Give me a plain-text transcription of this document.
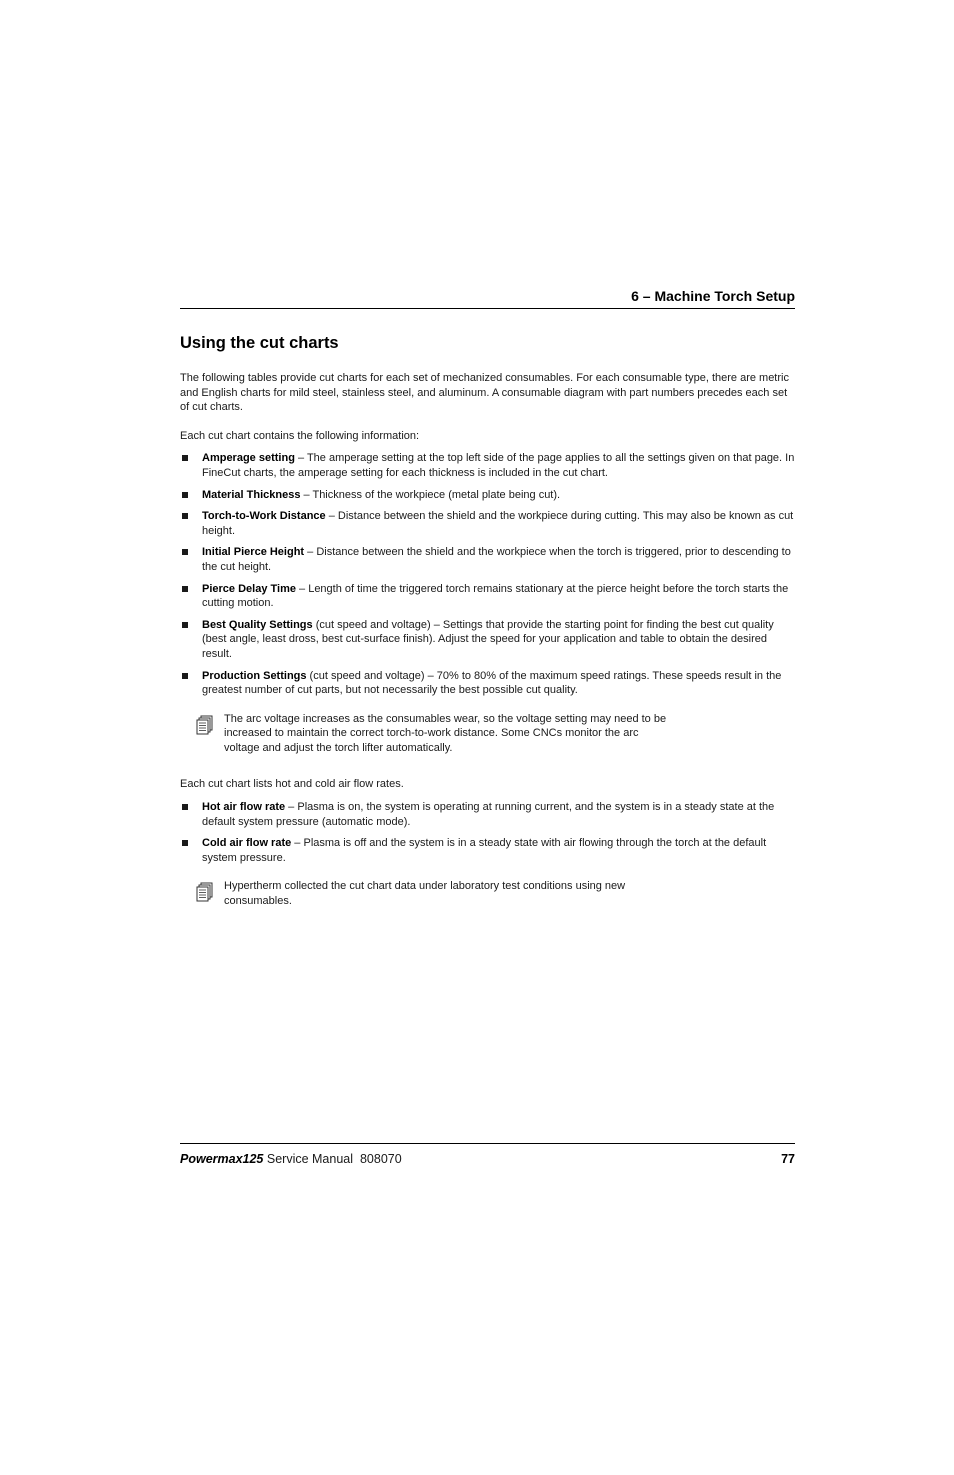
6 – Machine Torch Setup
Using the cut charts

The following tables provide cut charts for each set of mechanized consumables. For each consumable type, there are metric and English charts for mild steel, stainless steel, and aluminum. A consumable diagram with part numbers precedes each set of cut charts.

Each cut chart contains the following information:

Amperage setting – The amperage setting at the top left side of the page applies to all the settings given on that page. In FineCut charts, the amperage setting for each thickness is included in the cut chart.
Material Thickness – Thickness of the workpiece (metal plate being cut).
Torch-to-Work Distance – Distance between the shield and the workpiece during cutting. This may also be known as cut height.
Initial Pierce Height – Distance between the shield and the workpiece when the torch is triggered, prior to descending to the cut height.
Pierce Delay Time – Length of time the triggered torch remains stationary at the pierce height before the torch starts the cutting motion.
Best Quality Settings (cut speed and voltage) – Settings that provide the starting point for finding the best cut quality (best angle, least dross, best cut-surface finish). Adjust the speed for your application and table to obtain the desired result.
Production Settings (cut speed and voltage) – 70% to 80% of the maximum speed ratings. These speeds result in the greatest number of cut parts, but not necessarily the best possible cut quality.
The arc voltage increases as the consumables wear, so the voltage setting may need to be increased to maintain the correct torch-to-work distance. Some CNCs monitor the arc voltage and adjust the torch lifter automatically.

Each cut chart lists hot and cold air flow rates.

Hot air flow rate – Plasma is on, the system is operating at running current, and the system is in a steady state at the default system pressure (automatic mode).
Cold air flow rate – Plasma is off and the system is in a steady state with air flowing through the torch at the default system pressure.
Hypertherm collected the cut chart data under laboratory test conditions using new consumables.
Powermax125 Service Manual  808070	77
